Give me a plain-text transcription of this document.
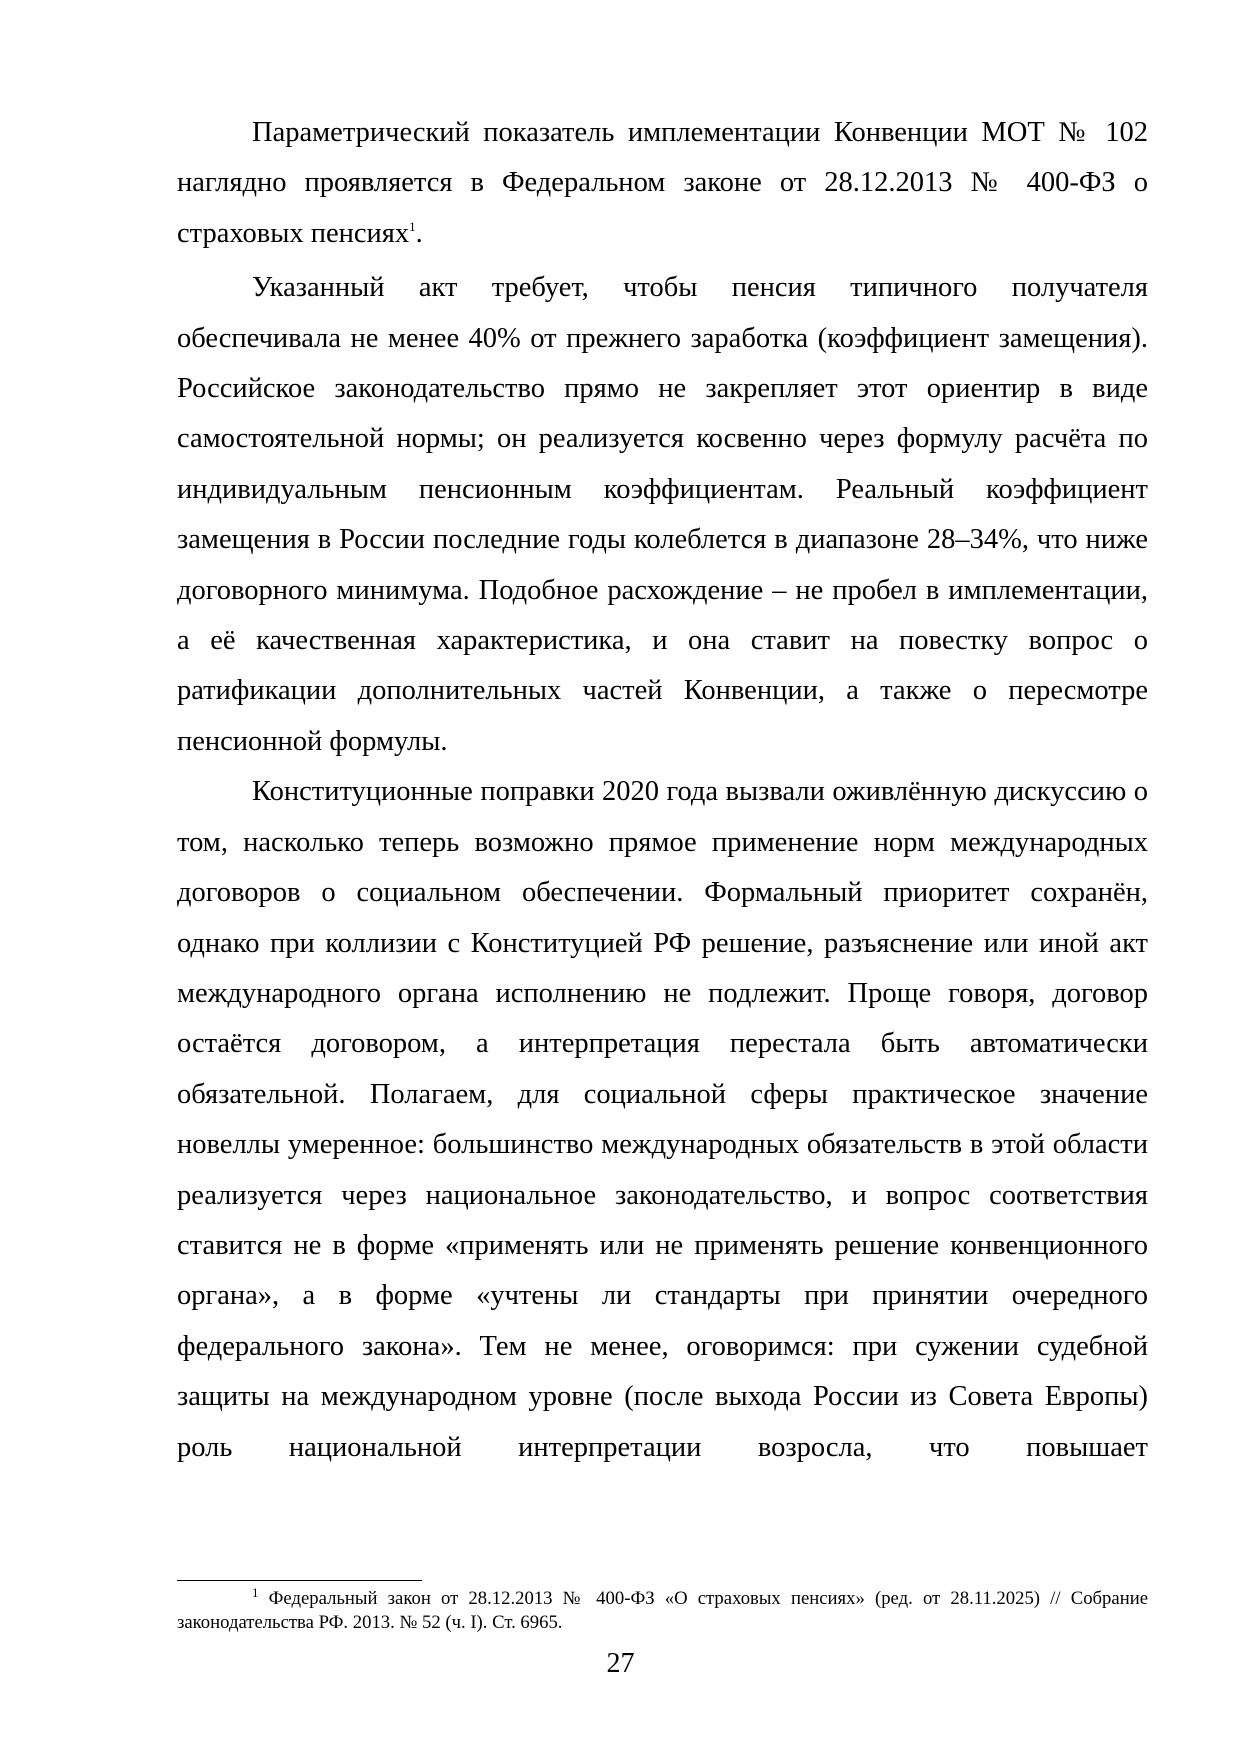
Параметрический показатель имплементации Конвенции МОТ № 102 наглядно проявляется в Федеральном законе от 28.12.2013 № 400-ФЗ о страховых пенсиях$^1$.

Указанный акт требует, чтобы пенсия типичного получателя обеспечивала не менее 40% от прежнего заработка (коэффициент замещения). Российское законодательство прямо не закрепляет этот ориентир в виде самостоятельной нормы; он реализуется косвенно через формулу расчёта по индивидуальным пенсионным коэффициентам. Реальный коэффициент замещения в России последние годы колеблется в диапазоне 28–34%, что ниже договорного минимума. Подобное расхождение – не пробел в имплементации, а её качественная характеристика, и она ставит на повестку вопрос о ратификации дополнительных частей Конвенции, а также о пересмотре пенсионной формулы.

Конституционные поправки 2020 года вызвали оживлённую дискуссию о том, насколько теперь возможно прямое применение норм международных договоров о социальном обеспечении. Формальный приоритет сохранён, однако при коллизии с Конституцией РФ решение, разъяснение или иной акт международного органа исполнению не подлежит. Проще говоря, договор остаётся договором, а интерпретация перестала быть автоматически обязательной. Полагаем, для социальной сферы практическое значение новеллы умеренное: большинство международных обязательств в этой области реализуется через национальное законодательство, и вопрос соответствия ставится не в форме «применять или не применять решение конвенционного органа», а в форме «учтены ли стандарты при принятии очередного федерального закона». Тем не менее, оговоримся: при сужении судебной защиты на международном уровне (после выхода России из Совета Европы) роль национальной интерпретации возросла, что повышает

$^1$ Федеральный закон от 28.12.2013 № 400-ФЗ «О страховых пенсиях» (ред. от 28.11.2025) // Собрание законодательства РФ. 2013. № 52 (ч. I). Ст. 6965.

27
